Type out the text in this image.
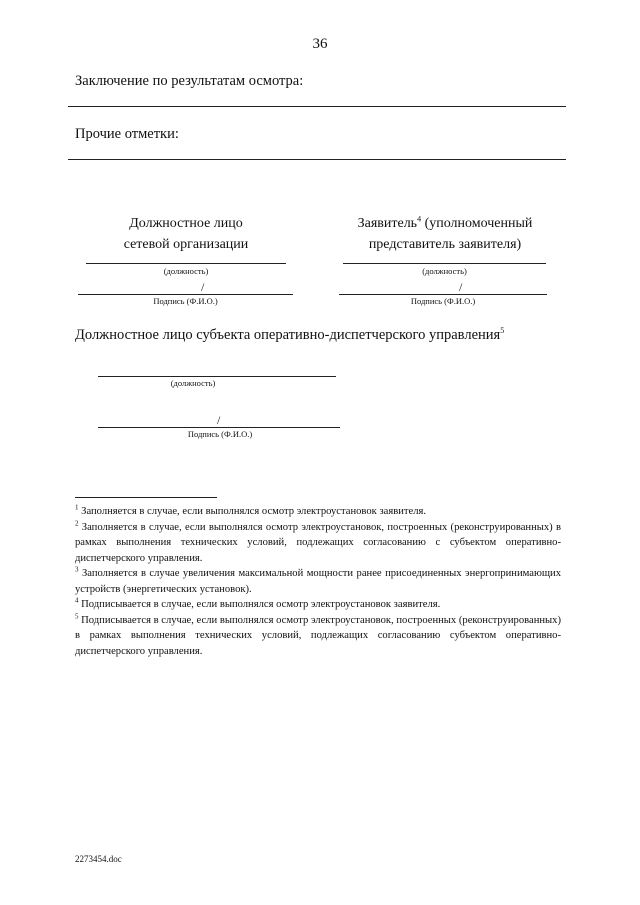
36
Заключение по результатам осмотра:
Прочие отметки:
Должностное лицо
сетевой организации
(должность)
/
Подпись (Ф.И.О.)
Заявитель$^4$ (уполномоченный
представитель заявителя)
(должность)
/
Подпись (Ф.И.О.)
Должностное лицо субъекта оперативно-диспетчерского управления$^5$
(должность)
/
Подпись (Ф.И.О.)

$^1$ Заполняется в случае, если выполнялся осмотр электроустановок заявителя.

$^2$ Заполняется в случае, если выполнялся осмотр электроустановок, построенных (реконструированных) в рамках выполнения технических условий, подлежащих согласованию с субъектом оперативно-диспетчерского управления.

$^3$ Заполняется в случае увеличения максимальной мощности ранее присоединенных энергопринимающих устройств (энергетических установок).

$^4$ Подписывается в случае, если выполнялся осмотр электроустановок заявителя.

$^5$ Подписывается в случае, если выполнялся осмотр электроустановок, построенных (реконструированных) в рамках выполнения технических условий, подлежащих согласованию субъектом оперативно-диспетчерского управления.

2273454.doc
